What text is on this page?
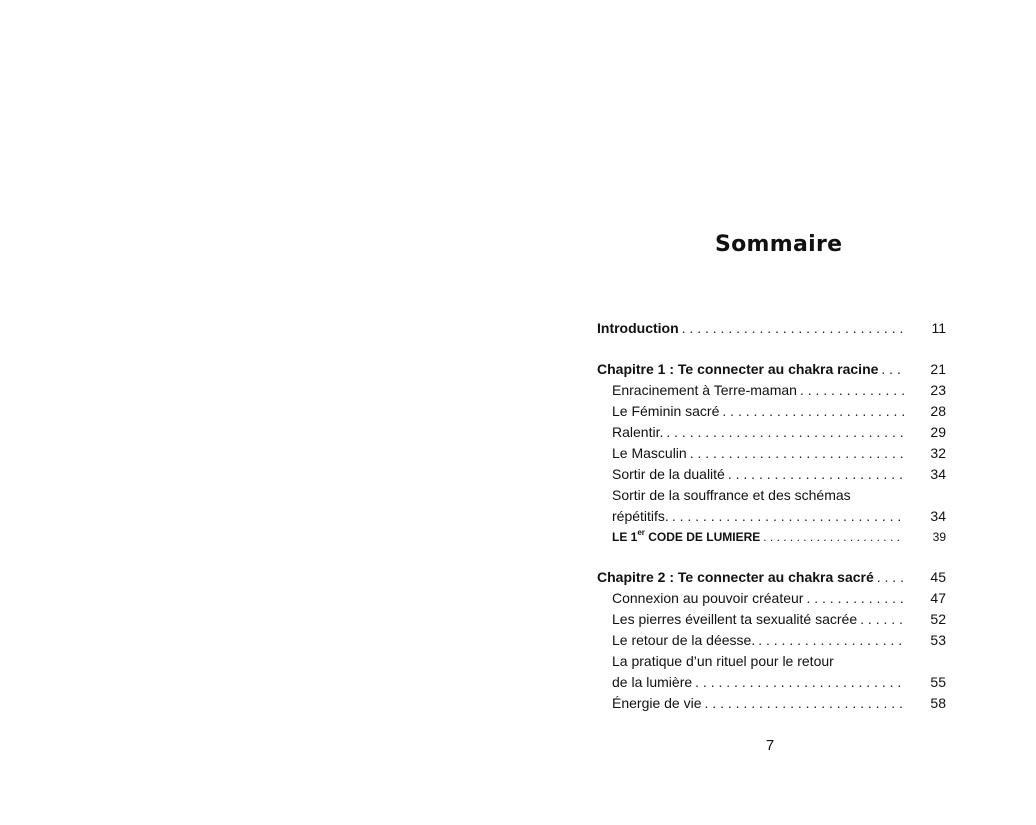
Sommaire
Introduction . . .	11
Chapitre 1 : Te connecter au chakra racine . . .	21
Enracinement à Terre-maman . . .	23
Le Féminin sacré . . .	28
Ralentir. . . .	29
Le Masculin . . .	32
Sortir de la dualité . . .	34
Sortir de la souffrance et des schémas
répétitifs. . . .	34
LE 1er CODE DE LUMIERE . . .	39
Chapitre 2 : Te connecter au chakra sacré . . .	45
Connexion au pouvoir créateur . . .	47
Les pierres éveillent ta sexualité sacrée . . .	52
Le retour de la déesse. . . .	53
La pratique d’un rituel pour le retour
de la lumière . . .	55
Énergie de vie . . .	58
7
